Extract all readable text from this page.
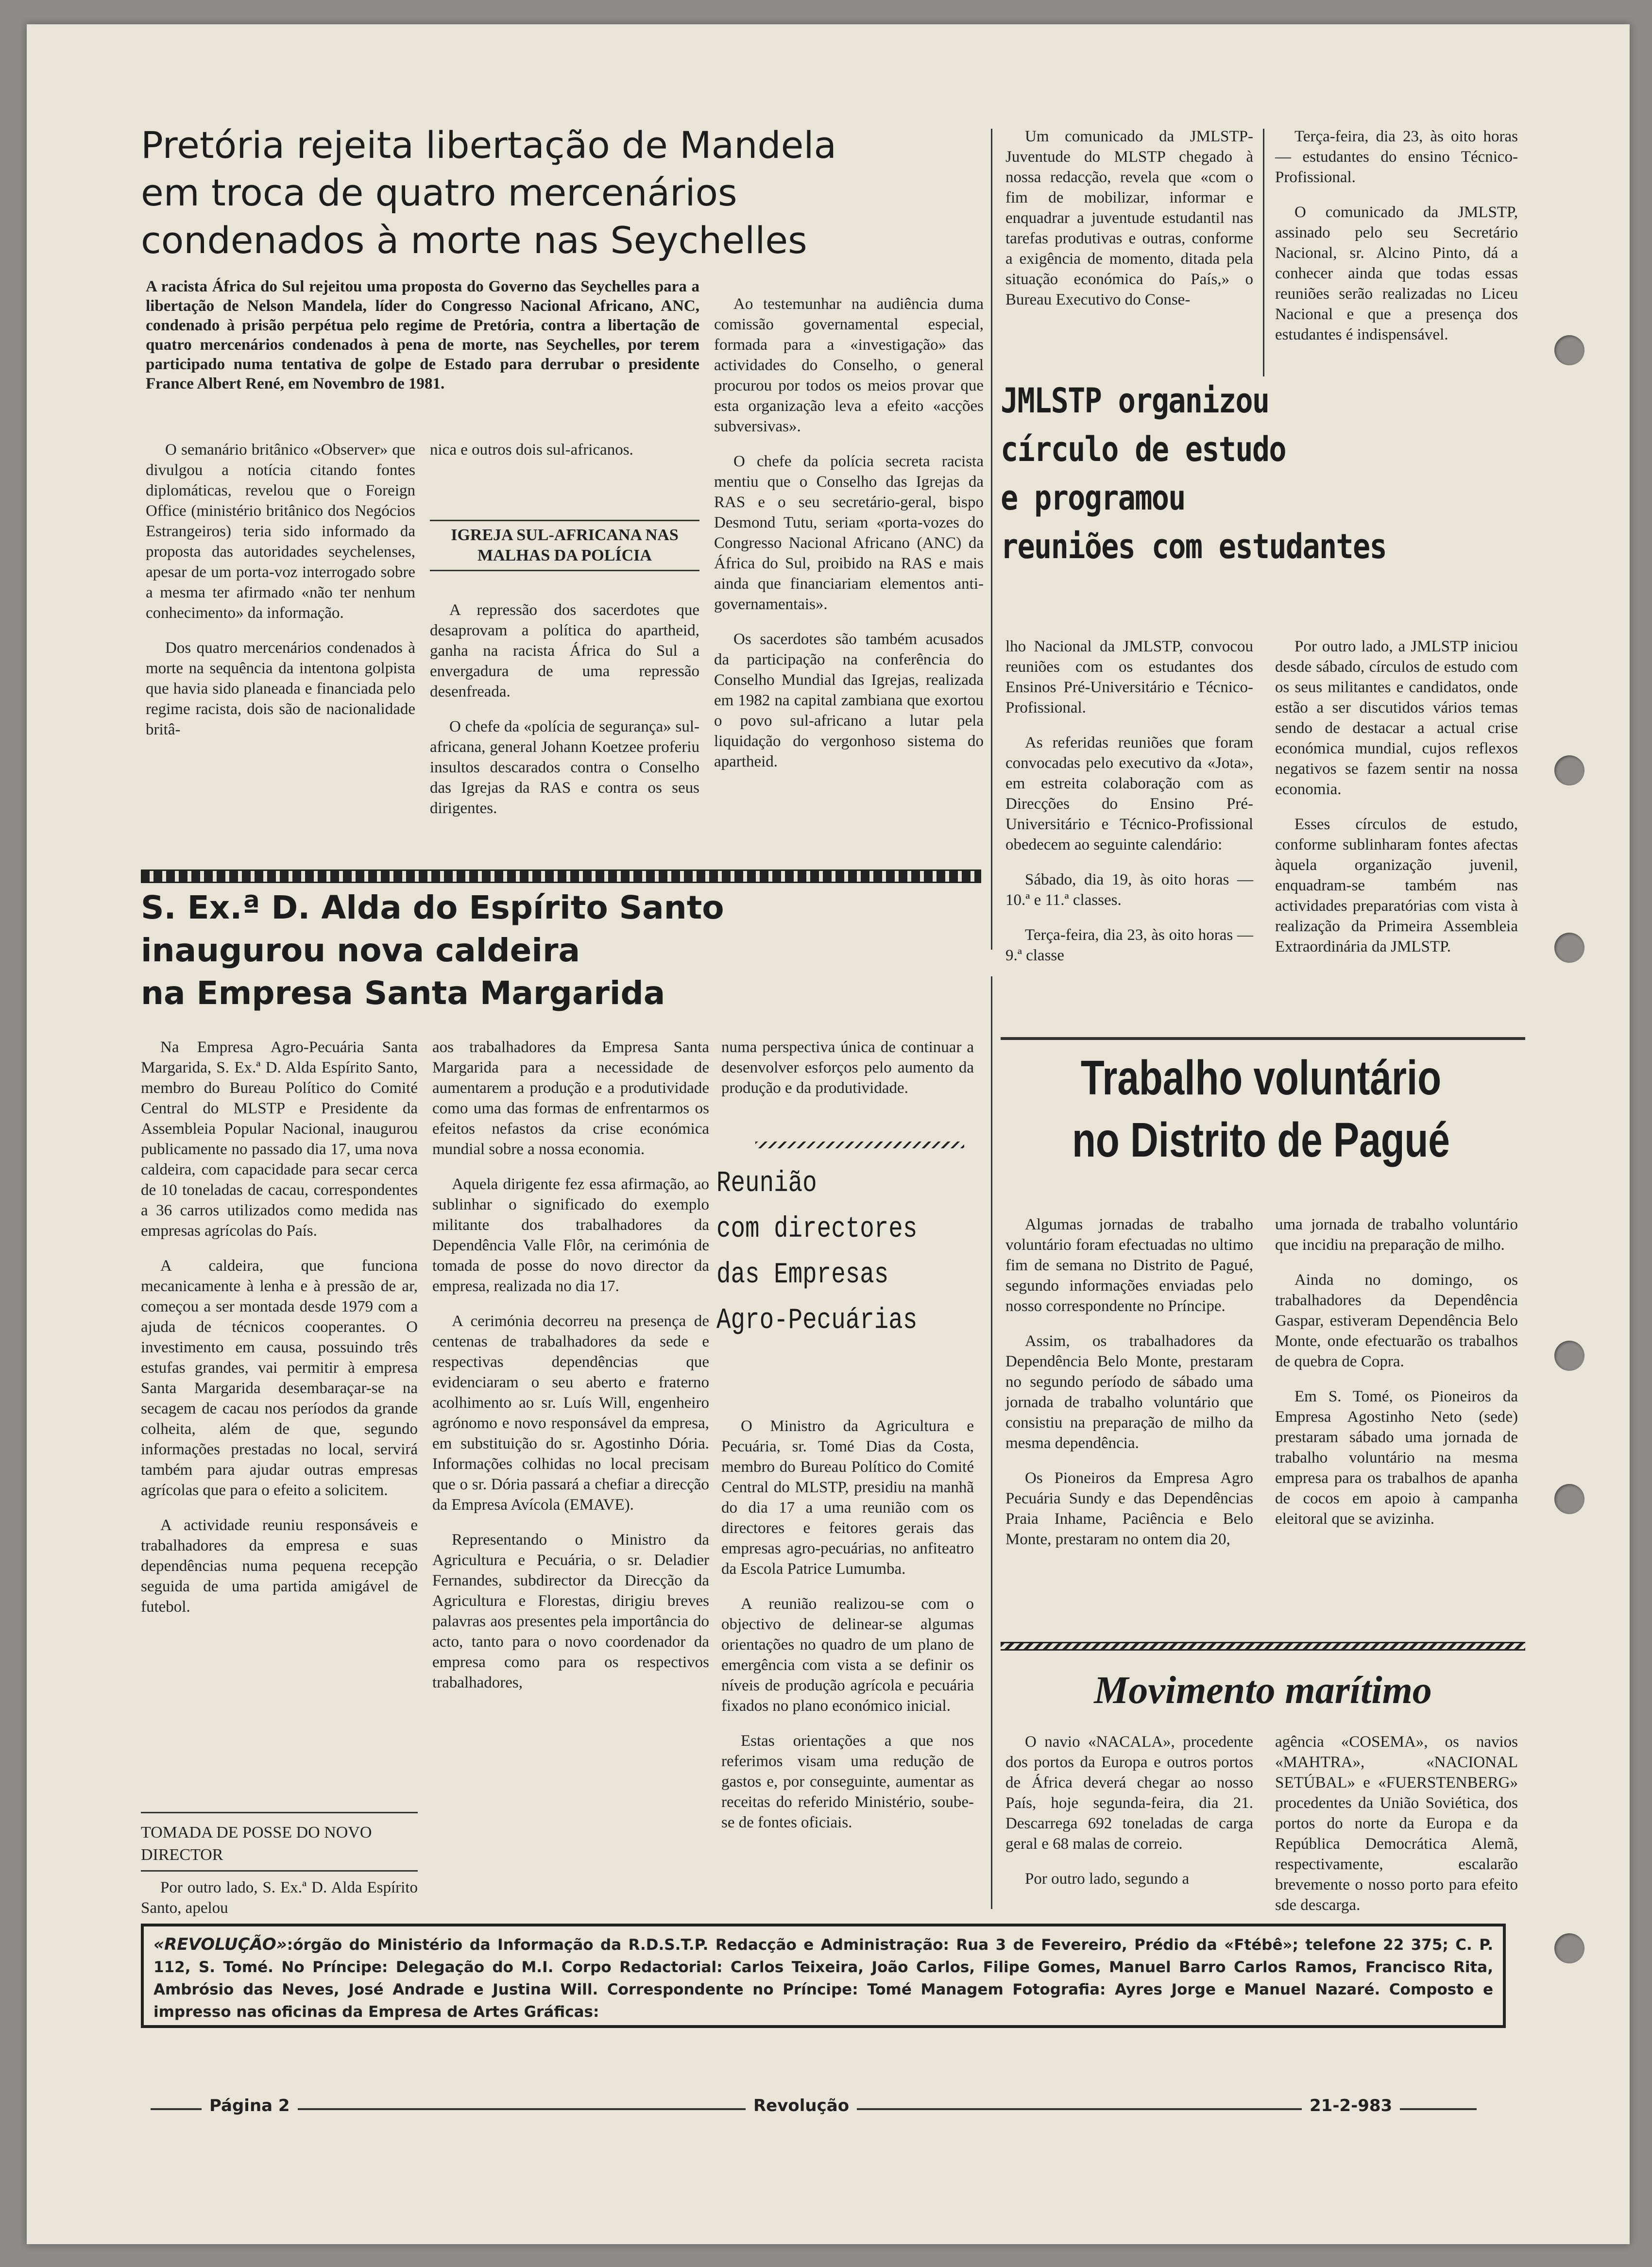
Pretória rejeita libertação de Mandela
em troca de quatro mercenários
condenados à morte nas Seychelles
A racista África do Sul rejeitou uma proposta do Governo das Seychelles para a libertação de Nelson Mandela, líder do Congresso Nacional Africano, ANC, condenado à prisão perpétua pelo regime de Pretória, contra a libertação de quatro mercenários condenados à pena de morte, nas Seychelles, por terem participado numa tentativa de golpe de Estado para derrubar o presidente France Albert René, em Novembro de 1981.

O semanário britânico «Observer» que divulgou a notícia citando fontes diplomáticas, revelou que o Foreign Office (ministério britânico dos Negócios Estrangeiros) teria sido informado da proposta das autoridades seychelenses, apesar de um porta-voz interrogado sobre a mesma ter afirmado «não ter nenhum conhecimento» da informação.

Dos quatro mercenários condenados à morte na sequência da intentona golpista que havia sido planeada e financiada pelo regime racista, dois são de nacionalidade britâ-

nica e outros dois sul-africanos.

IGREJA SUL-AFRICANA NAS MALHAS DA POLÍCIA

A repressão dos sacerdotes que desaprovam a política do apartheid, ganha na racista África do Sul a envergadura de uma repressão desenfreada.

O chefe da «polícia de segurança» sul-africana, general Johann Koetzee proferiu insultos descarados contra o Conselho das Igrejas da RAS e contra os seus dirigentes.

Ao testemunhar na audiência duma comissão governamental especial, formada para a «investigação» das actividades do Conselho, o general procurou por todos os meios provar que esta organização leva a efeito «acções subversivas».

O chefe da polícia secreta racista mentiu que o Conselho das Igrejas da RAS e o seu secretário-geral, bispo Desmond Tutu, seriam «porta-vozes do Congresso Nacional Africano (ANC) da África do Sul, proibido na RAS e mais ainda que financiariam elementos anti-governamentais».

Os sacerdotes são também acusados da participação na conferência do Conselho Mundial das Igrejas, realizada em 1982 na capital zambiana que exortou o povo sul-africano a lutar pela liquidação do vergonhoso sistema do apartheid.

S. Ex.ª D. Alda do Espírito Santo
inaugurou nova caldeira
na Empresa Santa Margarida

Na Empresa Agro-Pecuária Santa Margarida, S. Ex.ª D. Alda Espírito Santo, membro do Bureau Político do Comité Central do MLSTP e Presidente da Assembleia Popular Nacional, inaugurou publicamente no passado dia 17, uma nova caldeira, com capacidade para secar cerca de 10 toneladas de cacau, correspondentes a 36 carros utilizados como medida nas empresas agrícolas do País.

A caldeira, que funciona mecanicamente à lenha e à pressão de ar, começou a ser montada desde 1979 com a ajuda de técnicos cooperantes. O investimento em causa, possuindo três estufas grandes, vai permitir à empresa Santa Margarida desembaraçar-se na secagem de cacau nos períodos da grande colheita, além de que, segundo informações prestadas no local, servirá também para ajudar outras empresas agrícolas que para o efeito a solicitem.

A actividade reuniu responsáveis e trabalhadores da empresa e suas dependências numa pequena recepção seguida de uma partida amigável de futebol.

TOMADA DE POSSE DO NOVO DIRECTOR
Por outro lado, S. Ex.ª D. Alda Espírito Santo, apelou

aos trabalhadores da Empresa Santa Margarida para a necessidade de aumentarem a produção e a produtividade como uma das formas de enfrentarmos os efeitos nefastos da crise económica mundial sobre a nossa economia.

Aquela dirigente fez essa afirmação, ao sublinhar o significado do exemplo militante dos trabalhadores da Dependência Valle Flôr, na cerimónia de tomada de posse do novo director da empresa, realizada no dia 17.

A cerimónia decorreu na presença de centenas de trabalhadores da sede e respectivas dependências que evidenciaram o seu aberto e fraterno acolhimento ao sr. Luís Will, engenheiro agrónomo e novo responsável da empresa, em substituição do sr. Agostinho Dória. Informações colhidas no local precisam que o sr. Dória passará a chefiar a direcção da Empresa Avícola (EMAVE).

Representando o Ministro da Agricultura e Pecuária, o sr. Deladier Fernandes, subdirector da Direcção da Agricultura e Florestas, dirigiu breves palavras aos presentes pela importância do acto, tanto para o novo coordenador da empresa como para os respectivos trabalhadores,

numa perspectiva única de continuar a desenvolver esforços pelo aumento da produção e da produtividade.
Reunião
com directores
das Empresas
Agro-Pecuárias

O Ministro da Agricultura e Pecuária, sr. Tomé Dias da Costa, membro do Bureau Político do Comité Central do MLSTP, presidiu na manhã do dia 17 a uma reunião com os directores e feitores gerais das empresas agro-pecuárias, no anfiteatro da Escola Patrice Lumumba.

A reunião realizou-se com o objectivo de delinear-se algumas orientações no quadro de um plano de emergência com vista a se definir os níveis de produção agrícola e pecuária fixados no plano económico inicial.

Estas orientações a que nos referimos visam uma redução de gastos e, por conseguinte, aumentar as receitas do referido Ministério, soube-se de fontes oficiais.

Um comunicado da JMLSTP-Juventude do MLSTP chegado à nossa redacção, revela que «com o fim de mobilizar, informar e enquadrar a juventude estudantil nas tarefas produtivas e outras, conforme a exigência de momento, ditada pela situação económica do País,» o Bureau Executivo do Conse-

Terça-feira, dia 23, às oito horas — estudantes do ensino Técnico-Profissional.

O comunicado da JMLSTP, assinado pelo seu Secretário Nacional, sr. Alcino Pinto, dá a conhecer ainda que todas essas reuniões serão realizadas no Liceu Nacional e que a presença dos estudantes é indispensável.

JMLSTP organizou
círculo de estudo
e programou
reuniões com estudantes

lho Nacional da JMLSTP, convocou reuniões com os estudantes dos Ensinos Pré-Universitário e Técnico-Profissional.

As referidas reuniões que foram convocadas pelo executivo da «Jota», em estreita colaboração com as Direcções do Ensino Pré-Universitário e Técnico-Profissional obedecem ao seguinte calendário:

Sábado, dia 19, às oito horas — 10.ª e 11.ª classes.

Terça-feira, dia 23, às oito horas — 9.ª classe

Por outro lado, a JMLSTP iniciou desde sábado, círculos de estudo com os seus militantes e candidatos, onde estão a ser discutidos vários temas sendo de destacar a actual crise económica mundial, cujos reflexos negativos se fazem sentir na nossa economia.

Esses círculos de estudo, conforme sublinharam fontes afectas àquela organização juvenil, enquadram-se também nas actividades preparatórias com vista à realização da Primeira Assembleia Extraordinária da JMLSTP.

Trabalho voluntário
no Distrito de Pagué

Algumas jornadas de trabalho voluntário foram efectuadas no ultimo fim de semana no Distrito de Pagué, segundo informações enviadas pelo nosso correspondente no Príncipe.

Assim, os trabalhadores da Dependência Belo Monte, prestaram no segundo período de sábado uma jornada de trabalho voluntário que consistiu na preparação de milho da mesma dependência.

Os Pioneiros da Empresa Agro Pecuária Sundy e das Dependências Praia Inhame, Paciência e Belo Monte, prestaram no ontem dia 20,

uma jornada de trabalho voluntário que incidiu na preparação de milho.

Ainda no domingo, os trabalhadores da Dependência Gaspar, estiveram Dependência Belo Monte, onde efectuarão os trabalhos de quebra de Copra.

Em S. Tomé, os Pioneiros da Empresa Agostinho Neto (sede) prestaram sábado uma jornada de trabalho voluntário na mesma empresa para os trabalhos de apanha de cocos em apoio à campanha eleitoral que se avizinha.

Movimento marítimo

O navio «NACALA», procedente dos portos da Europa e outros portos de África deverá chegar ao nosso País, hoje segunda-feira, dia 21. Descarrega 692 toneladas de carga geral e 68 malas de correio.

Por outro lado, segundo a

agência «COSEMA», os navios «MAHTRA», «NACIONAL SETÚBAL» e «FUERSTENBERG» procedentes da União Soviética, dos portos do norte da Europa e da República Democrática Alemã, respectivamente, escalarão brevemente o nosso porto para efeito sde descarga.
«REVOLUÇÃO»:órgão do Ministério da Informação da R.D.S.T.P. Redacção e Administração: Rua 3 de Fevereiro, Prédio da «Ftébê»; telefone 22 375; C. P. 112, S. Tomé. No Príncipe: Delegação do M.I. Corpo Redactorial: Carlos Teixeira, João Carlos, Filipe Gomes, Manuel Barro Carlos Ramos, Francisco Rita, Ambrósio das Neves, José Andrade e Justina Will. Correspondente no Príncipe: Tomé Managem Fotografia: Ayres Jorge e Manuel Nazaré. Composto e impresso nas oficinas da Empresa de Artes Gráficas:
Página 2	Revolução	21-2-983
